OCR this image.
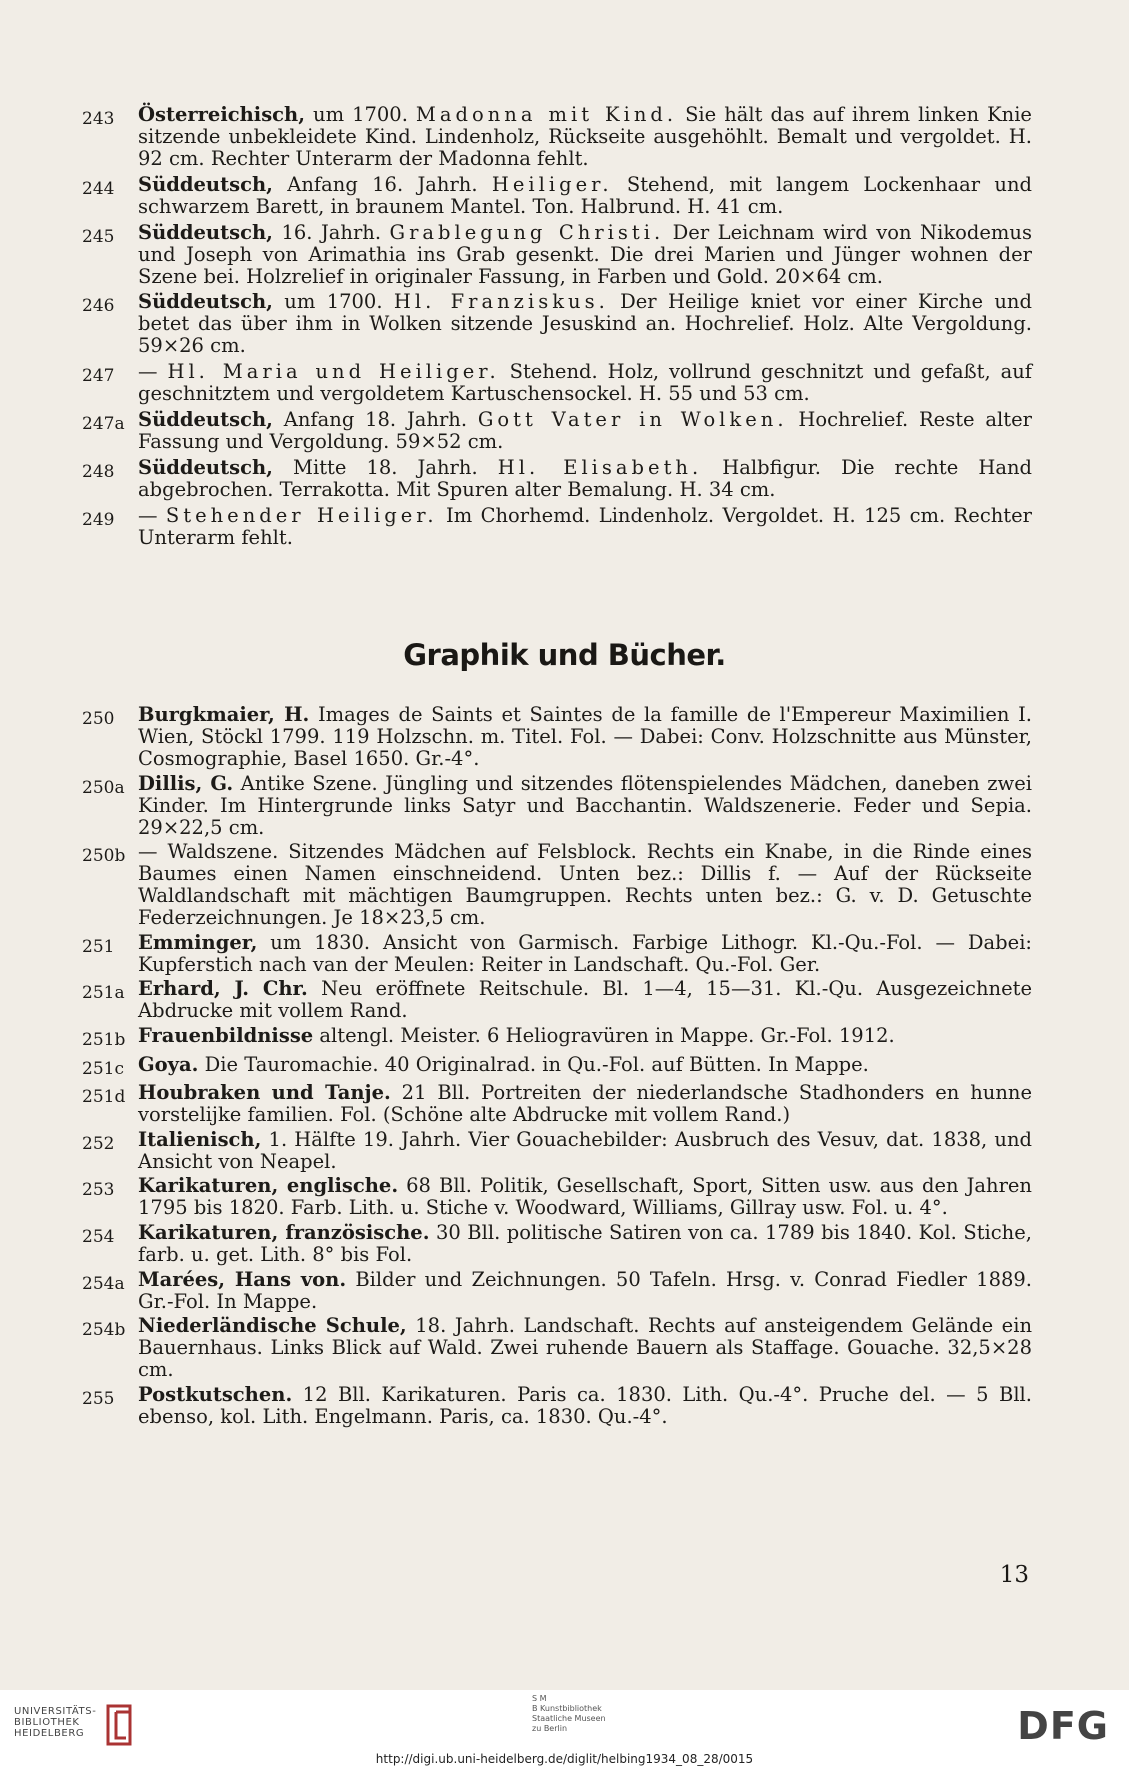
243	Österreichisch, um 1700. Madonna mit Kind. Sie hält das auf ihrem linken Knie sitzende unbekleidete Kind. Lindenholz, Rückseite ausgehöhlt. Bemalt und vergoldet. H. 92 cm. Rechter Unterarm der Madonna fehlt.
244	Süddeutsch, Anfang 16. Jahrh. Heiliger. Stehend, mit langem Lockenhaar und schwarzem Barett, in braunem Mantel. Ton. Halbrund. H. 41 cm.
245	Süddeutsch, 16. Jahrh. Grablegung Christi. Der Leichnam wird von Nikodemus und Joseph von Arimathia ins Grab gesenkt. Die drei Marien und Jünger wohnen der Szene bei. Holzrelief in originaler Fassung, in Farben und Gold. 20×64 cm.
246	Süddeutsch, um 1700. Hl. Franziskus. Der Heilige kniet vor einer Kirche und betet das über ihm in Wolken sitzende Jesuskind an. Hochrelief. Holz. Alte Vergoldung. 59×26 cm.
247	— Hl. Maria und Heiliger. Stehend. Holz, vollrund geschnitzt und gefaßt, auf geschnitztem und vergoldetem Kartuschensockel. H. 55 und 53 cm.
247a Süddeutsch, Anfang 18. Jahrh. Gott Vater in Wolken. Hochrelief. Reste alter Fassung und Vergoldung. 59×52 cm.
248	Süddeutsch, Mitte 18. Jahrh. Hl. Elisabeth. Halbfigur. Die rechte Hand abgebrochen. Terrakotta. Mit Spuren alter Bemalung. H. 34 cm.
249	— Stehender Heiliger. Im Chorhemd. Lindenholz. Vergoldet. H. 125 cm. Rechter Unterarm fehlt.
Graphik und Bücher.
250	Burgkmaier, H. Images de Saints et Saintes de la famille de l'Empereur Maximilien I. Wien, Stöckl 1799. 119 Holzschn. m. Titel. Fol. — Dabei: Conv. Holzschnitte aus Münster, Cosmographie, Basel 1650. Gr.-4°.
250a Dillis, G. Antike Szene. Jüngling und sitzendes flötenspielendes Mädchen, daneben zwei Kinder. Im Hintergrunde links Satyr und Bacchantin. Waldszenerie. Feder und Sepia. 29×22,5 cm.
250b — Waldszene. Sitzendes Mädchen auf Felsblock. Rechts ein Knabe, in die Rinde eines Baumes einen Namen einschneidend. Unten bez.: Dillis f. — Auf der Rückseite Waldlandschaft mit mächtigen Baumgruppen. Rechts unten bez.: G. v. D. Getuschte Federzeichnungen. Je 18×23,5 cm.
251	Emminger, um 1830. Ansicht von Garmisch. Farbige Lithogr. Kl.-Qu.-Fol. — Dabei: Kupferstich nach van der Meulen: Reiter in Landschaft. Qu.-Fol. Ger.
251a Erhard, J. Chr. Neu eröffnete Reitschule. Bl. 1—4, 15—31. Kl.-Qu. Ausgezeichnete Abdrucke mit vollem Rand.
251b Frauenbildnisse altengl. Meister. 6 Heliogravüren in Mappe. Gr.-Fol. 1912.
251c Goya. Die Tauromachie. 40 Originalrad. in Qu.-Fol. auf Bütten. In Mappe.
251d Houbraken und Tanje. 21 Bll. Portreiten der niederlandsche Stadhonders en hunne vorstelijke familien. Fol. (Schöne alte Abdrucke mit vollem Rand.)
252	Italienisch, 1. Hälfte 19. Jahrh. Vier Gouachebilder: Ausbruch des Vesuv, dat. 1838, und Ansicht von Neapel.
253	Karikaturen, englische. 68 Bll. Politik, Gesellschaft, Sport, Sitten usw. aus den Jahren 1795 bis 1820. Farb. Lith. u. Stiche v. Woodward, Williams, Gillray usw. Fol. u. 4°.
254	Karikaturen, französische. 30 Bll. politische Satiren von ca. 1789 bis 1840. Kol. Stiche, farb. u. get. Lith. 8° bis Fol.
254a Marées, Hans von. Bilder und Zeichnungen. 50 Tafeln. Hrsg. v. Conrad Fiedler 1889. Gr.-Fol. In Mappe.
254b Niederländische Schule, 18. Jahrh. Landschaft. Rechts auf ansteigendem Gelände ein Bauernhaus. Links Blick auf Wald. Zwei ruhende Bauern als Staffage. Gouache. 32,5×28 cm.
255	Postkutschen. 12 Bll. Karikaturen. Paris ca. 1830. Lith. Qu.-4°. Pruche del. — 5 Bll. ebenso, kol. Lith. Engelmann. Paris, ca. 1830. Qu.-4°.
13
UNIVERSITÄTS-
BIBLIOTHEK
HEIDELBERG
S M
B Kunstbibliothek
Staatliche Museen
zu Berlin	DFG
http://digi.ub.uni-heidelberg.de/diglit/helbing1934_08_28/0015
